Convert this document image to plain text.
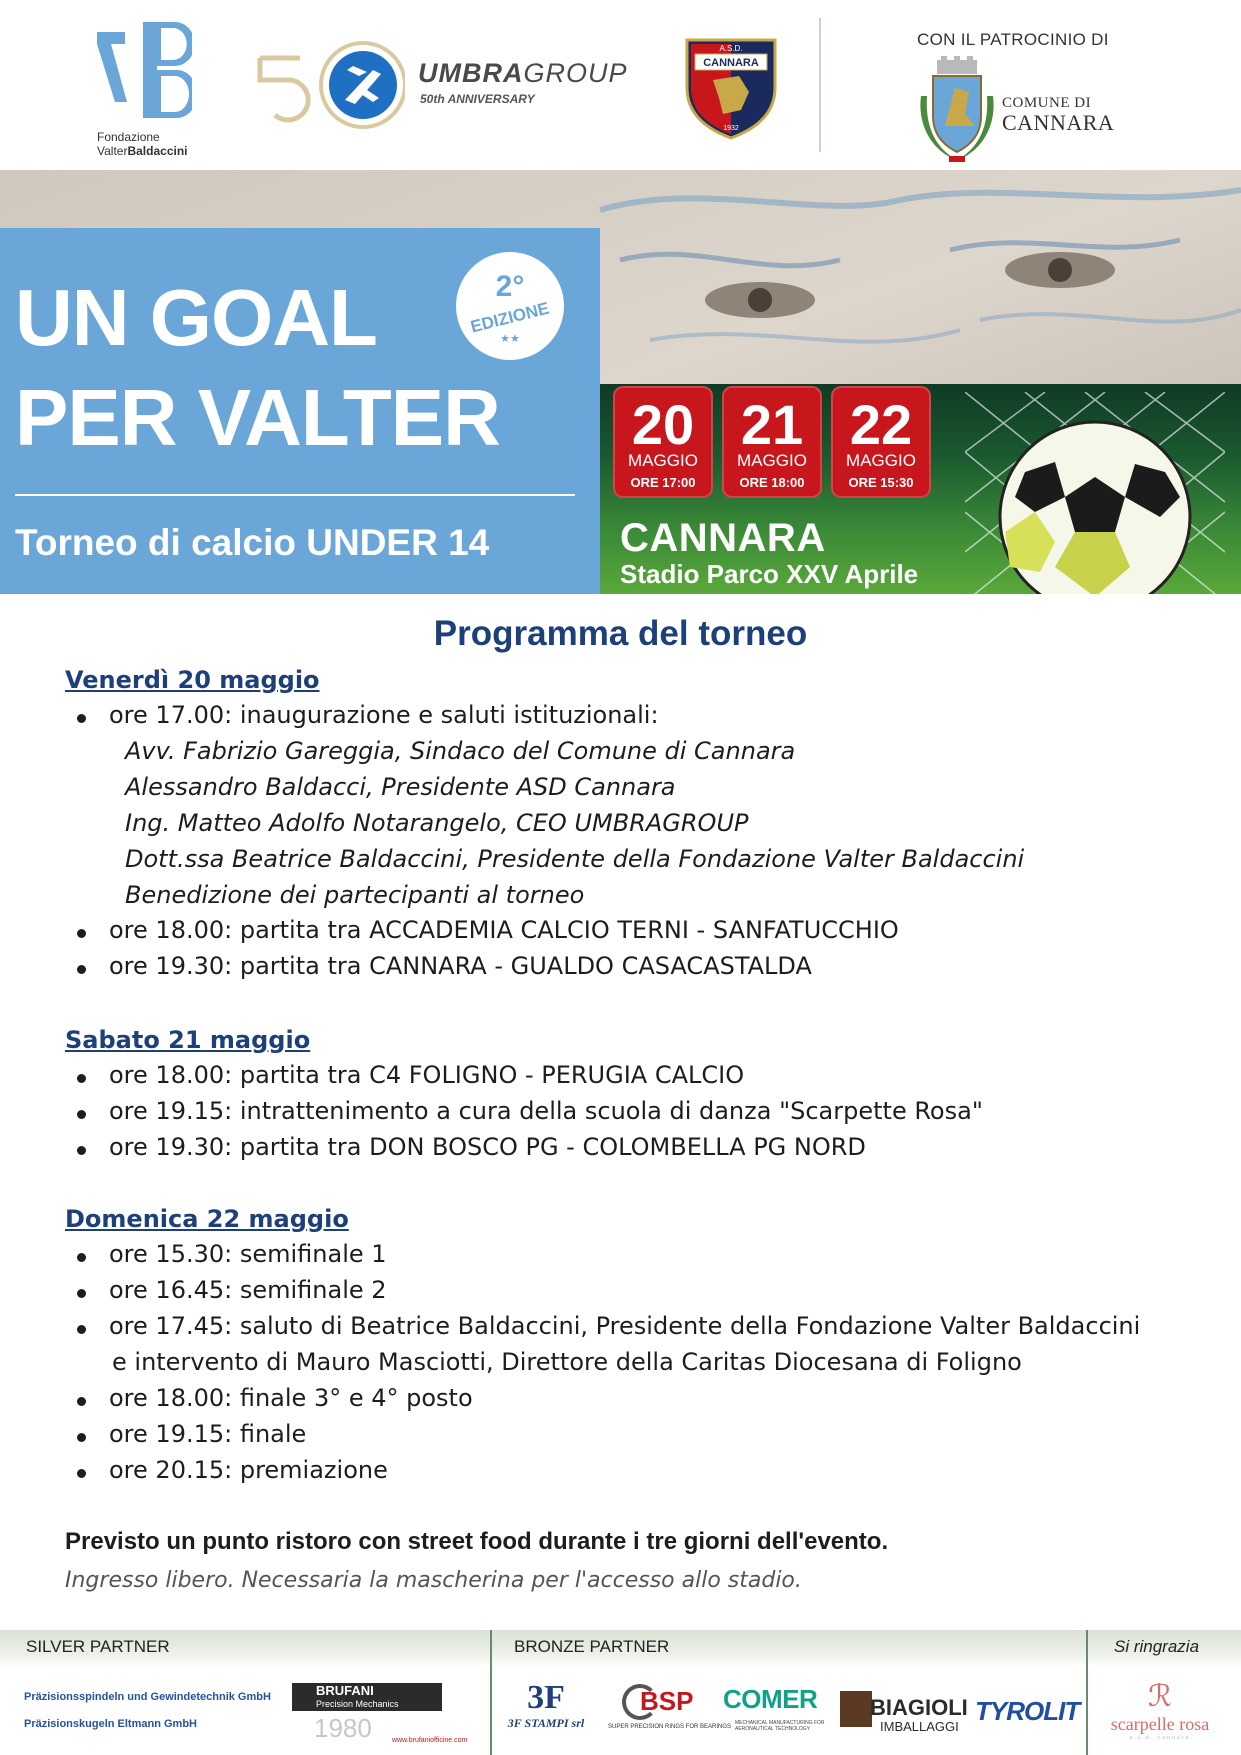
Fondazione
ValterBaldaccini
UMBRAGROUP
50th ANNIVERSARY
A.S.D.
CANNARA
1932
CON IL PATROCINIO DI
COMUNE DI
CANNARA
UN GOAL
PER VALTER
Torneo di calcio UNDER 14
2°
EDIZIONE
★★
20
MAGGIO
ORE 17:00
21
MAGGIO
ORE 18:00
22
MAGGIO
ORE 15:30
CANNARA
Stadio Parco XXV Aprile
Programma del torneo
Venerdì 20 maggio
ore 17.00: inaugurazione e saluti istituzionali:
Avv. Fabrizio Gareggia, Sindaco del Comune di Cannara
Alessandro Baldacci, Presidente ASD Cannara
Ing. Matteo Adolfo Notarangelo, CEO UMBRAGROUP
Dott.ssa Beatrice Baldaccini, Presidente della Fondazione Valter Baldaccini
Benedizione dei partecipanti al torneo
ore 18.00: partita tra ACCADEMIA CALCIO TERNI - SANFATUCCHIO
ore 19.30: partita tra CANNARA - GUALDO CASACASTALDA
Sabato 21 maggio
ore 18.00: partita tra C4 FOLIGNO - PERUGIA CALCIO
ore 19.15: intrattenimento a cura della scuola di danza "Scarpette Rosa"
ore 19.30: partita tra DON BOSCO PG - COLOMBELLA PG NORD
Domenica 22 maggio
ore 15.30: semifinale 1
ore 16.45: semifinale 2
ore 17.45: saluto di Beatrice Baldaccini, Presidente della Fondazione Valter Baldaccini
e intervento di Mauro Masciotti, Direttore della Caritas Diocesana di Foligno
ore 18.00: finale 3° e 4° posto
ore 19.15: finale
ore 20.15: premiazione
Previsto un punto ristoro con street food durante i tre giorni dell'evento.
Ingresso libero. Necessaria la mascherina per l'accesso allo stadio.
SILVER PARTNER	BRONZE PARTNER	Si ringrazia
Präzisionsspindeln und Gewindetechnik GmbH
Präzisionskugeln Eltmann GmbH
BRUFANI
Precision Mechanics
1980	www.brufaniofficine.com
3F
3F STAMPI srl
BSP
SUPER PRECISION RINGS FOR BEARINGS
COMER
MECHANICAL MANUFACTURING FOR AERONAUTICAL TECHNOLOGY
BIAGIOLI
IMBALLAGGI
TYROLIT	ℛ
scarpelle rosa
a.s.d. cannara
